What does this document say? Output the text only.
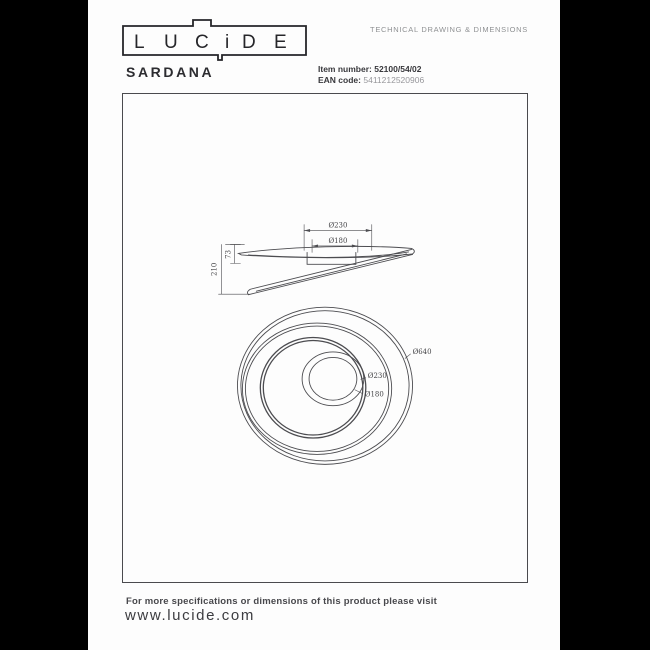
L U C i D E
TECHNICAL DRAWING & DIMENSIONS
SARDANA	Item number: 52100/54/02
EAN code: 5411212520906
Ø230
Ø180
73
210
Ø640
Ø230
Ø180
For more specifications or dimensions of this product please visit
www.lucide.com
